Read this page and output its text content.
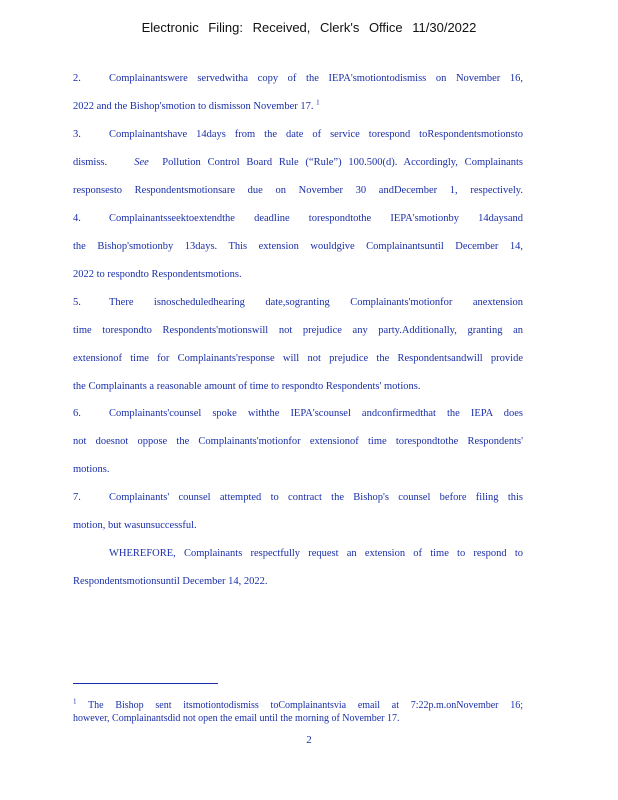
Electronic Filing: Received, Clerk's Office 11/30/2022
2.	Complainantswere servedwitha copy of the IEPA'smotiontodismiss on November 16,
2022 and the Bishop'smotion to dismisson November 17. $^1$
3.	Complainantshave 14days from the date of service torespond toRespondentsmotionsto
dismiss.	See Pollution Control Board Rule (“Rule”) 100.500(d). Accordingly, Complainants
responsesto Respondentsmotionsare due on November 30 andDecember 1, respectively.
4.	Complainantsseektoextendthe deadline torespondtothe IEPA'smotionby 14daysand
the Bishop'smotionby 13days. This extension wouldgive Complainantsuntil December 14,
2022 to respondto Respondentsmotions.
5.	There isnoscheduledhearing date,sogranting Complainants'motionfor anextension
time torespondto Respondents'motionswill not prejudice any party.Additionally, granting an
extensionof time for Complainants'response will not prejudice the Respondentsandwill provide
the Complainants a reasonable amount of time to respondto Respondents' motions.
6.	Complainants'counsel spoke withthe IEPA'scounsel andconfirmedthat the IEPA does
not doesnot oppose the Complainants'motionfor extensionof time torespondtothe Respondents'
motions.
7.	Complainants' counsel attempted to contract the Bishop's counsel before filing this
motion, but wasunsuccessful.
WHEREFORE, Complainants respectfully request an extension of time to respond to
Respondentsmotionsuntil December 14, 2022.
$^1$ The Bishop sent itsmotiontodismiss toComplainantsvia email at 7:22p.m.onNovember 16;
however, Complainantsdid not open the email until the morning of November 17.
2
